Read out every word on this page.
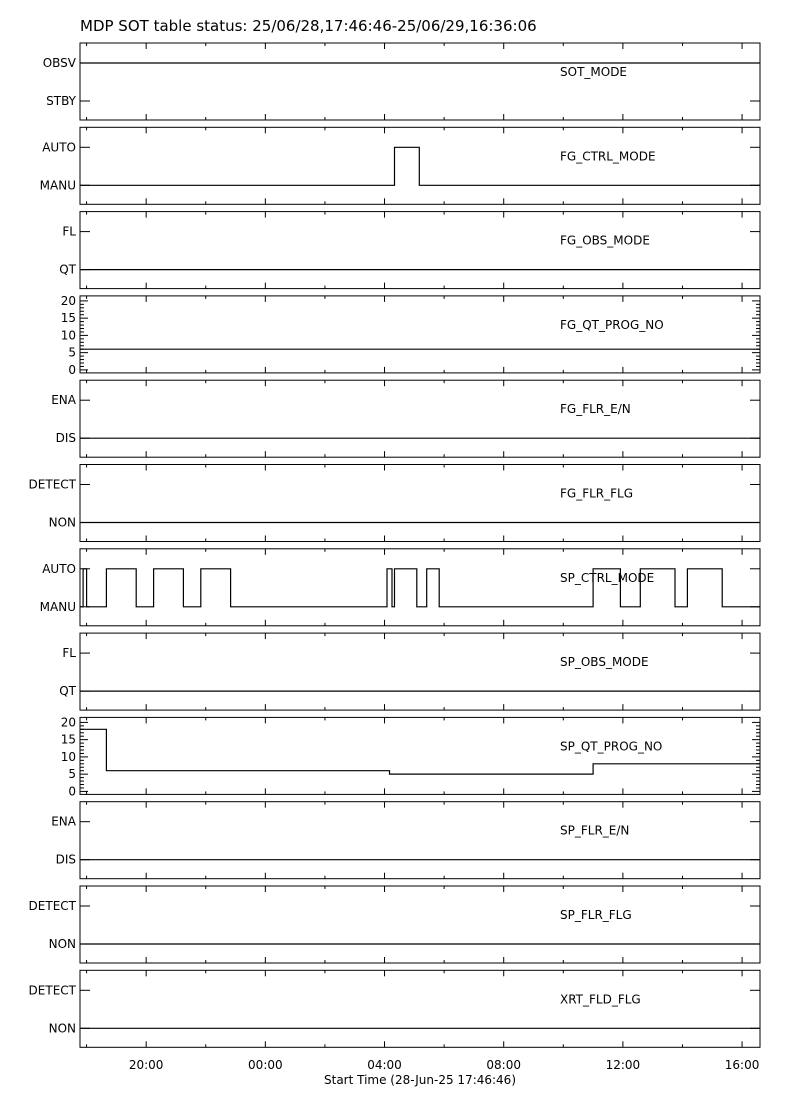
MDP SOT table status: 25/06/28,17:46:46-25/06/29,16:36:06
OBSV
STBY
SOT_MODE
AUTO
MANU
FG_CTRL_MODE
FL
QT
FG_OBS_MODE
0
5
10
15
20
FG_QT_PROG_NO
ENA
DIS
FG_FLR_E/N
DETECT
NON
FG_FLR_FLG
AUTO
MANU
SP_CTRL_MODE
FL
QT
SP_OBS_MODE
0
5
10
15
20
SP_QT_PROG_NO
ENA
DIS
SP_FLR_E/N
DETECT
NON
SP_FLR_FLG
DETECT
NON
XRT_FLD_FLG
Start Time (28-Jun-25 17:46:46)
20:00	00:00	04:00	08:00	12:00	16:00
